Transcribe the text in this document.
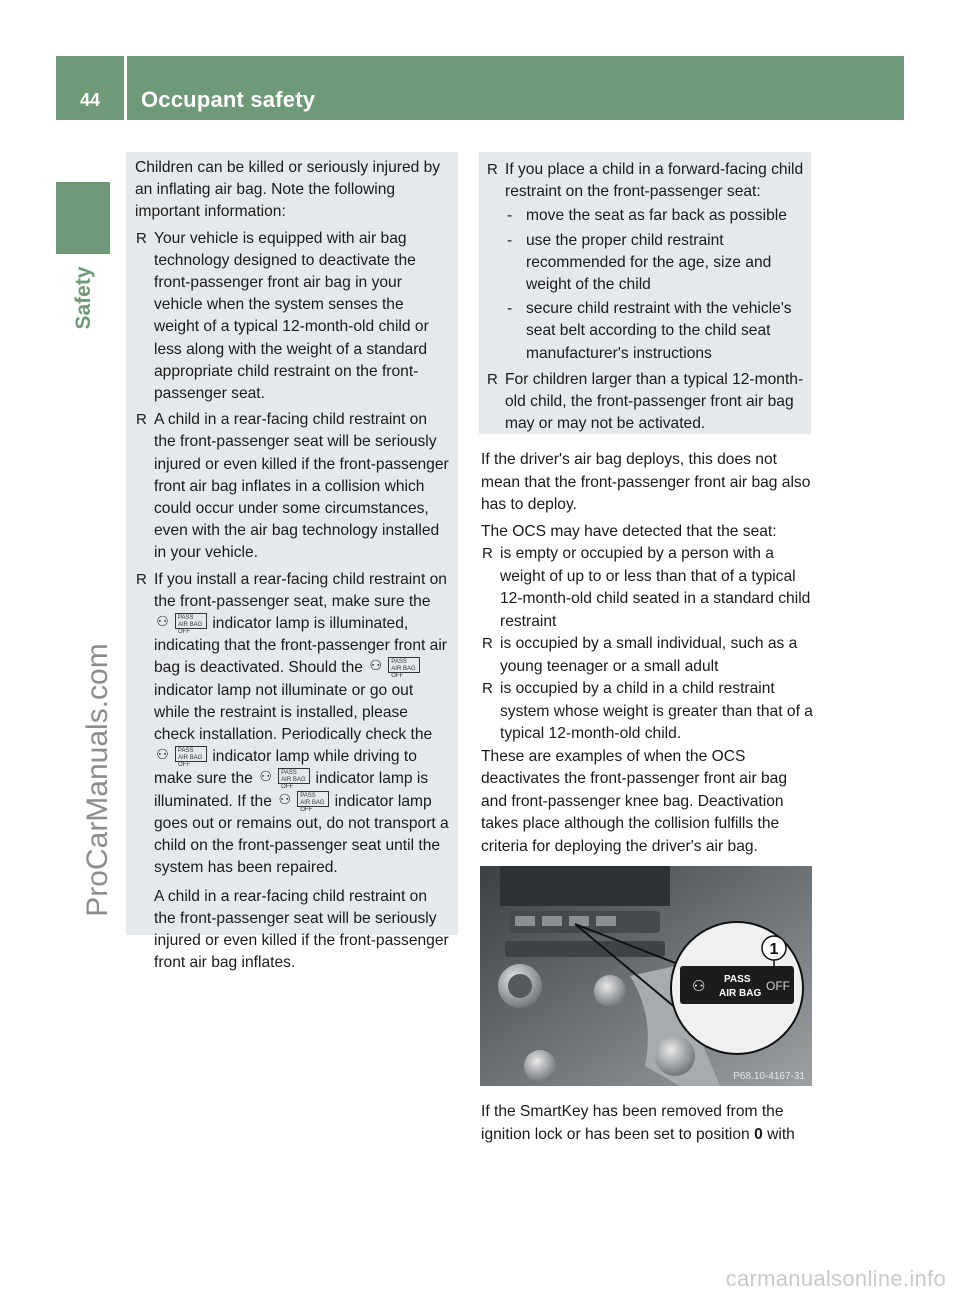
44	Occupant safety
Safety
ProCarManuals.com
carmanualsonline.info

Children can be killed or seriously injured by an inflating air bag. Note the following important information:

R Your vehicle is equipped with air bag technology designed to deactivate the front-passenger front air bag in your vehicle when the system senses the weight of a typical 12-month-old child or less along with the weight of a standard appropriate child restraint on the front-passenger seat.
R A child in a rear-facing child restraint on the front-passenger seat will be seriously injured or even killed if the front-passenger front air bag inflates in a collision which could occur under some circumstances, even with the air bag technology installed in your vehicle.
R If you install a rear-facing child restraint on the front-passenger seat, make sure the
⚇	PASS
AIR BAG OFF	indicator lamp is illuminated, indicating that the front-passenger front air bag is deactivated. Should the ⚇	PASS
AIR BAG OFF
indicator lamp not illuminate or go out while the restraint is installed, please check installation. Periodically check the
⚇	PASS
AIR BAG OFF	indicator lamp while driving to make sure the ⚇	PASS
AIR BAG OFF	indicator lamp is illuminated. If the ⚇	PASS
AIR BAG OFF	indicator lamp goes out or remains out, do not transport a child on the front-passenger seat until the system has been repaired.

A child in a rear-facing child restraint on the front-passenger seat will be seriously injured or even killed if the front-passenger front air bag inflates.

R If you place a child in a forward-facing child restraint on the front-passenger seat:
- move the seat as far back as possible
- use the proper child restraint recommended for the age, size and weight of the child
- secure child restraint with the vehicle's seat belt according to the child seat manufacturer's instructions
R For children larger than a typical 12-month-old child, the front-passenger front air bag may or may not be activated.

If the driver's air bag deploys, this does not mean that the front-passenger front air bag also has to deploy.

The OCS may have detected that the seat:

R is empty or occupied by a person with a weight of up to or less than that of a typical 12-month-old child seated in a standard child restraint
R is occupied by a small individual, such as a young teenager or a small adult
R is occupied by a child in a child restraint system whose weight is greater than that of a typical 12-month-old child.

These are examples of when the OCS deactivates the front-passenger front air bag and front-passenger knee bag. Deactivation takes place although the collision fulfills the criteria for deploying the driver's air bag.

1
⚇ PASS
AIR BAG
OFF
P68.10-4167-31

If the SmartKey has been removed from the ignition lock or has been set to position 0 with
